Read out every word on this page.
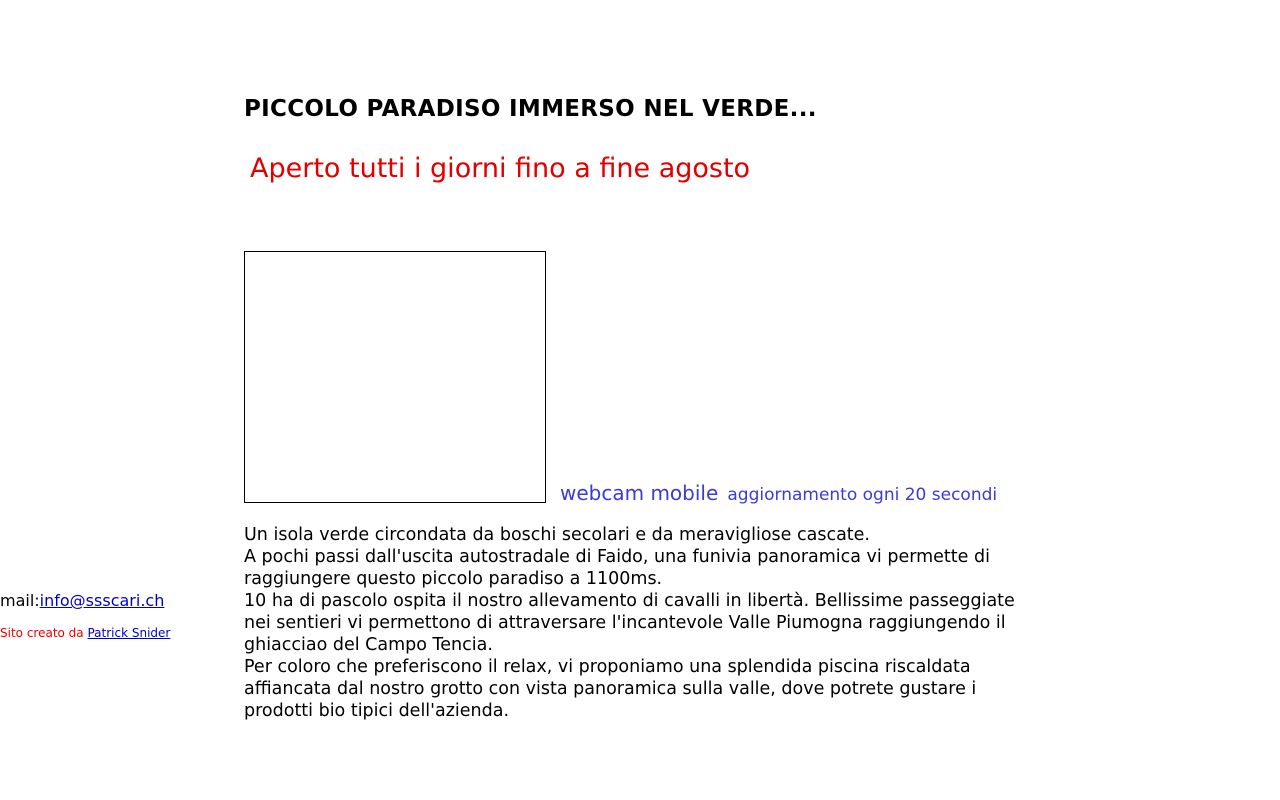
mail:info@ssscari.ch
Sito creato da Patrick Snider
PICCOLO PARADISO IMMERSO NEL VERDE...
Aperto tutti i giorni fino a fine agosto
webcam mobile aggiornamento ogni 20 secondi
Un isola verde circondata da boschi secolari e da meravigliose cascate.
A pochi passi dall'uscita autostradale di Faido, una funivia panoramica vi permette di
raggiungere questo piccolo paradiso a 1100ms.
10 ha di pascolo ospita il nostro allevamento di cavalli in libertà. Bellissime passeggiate
nei sentieri vi permettono di attraversare l'incantevole Valle Piumogna raggiungendo il
ghiacciao del Campo Tencia.
Per coloro che preferiscono il relax, vi proponiamo una splendida piscina riscaldata
affiancata dal nostro grotto con vista panoramica sulla valle, dove potrete gustare i
prodotti bio tipici dell'azienda.
